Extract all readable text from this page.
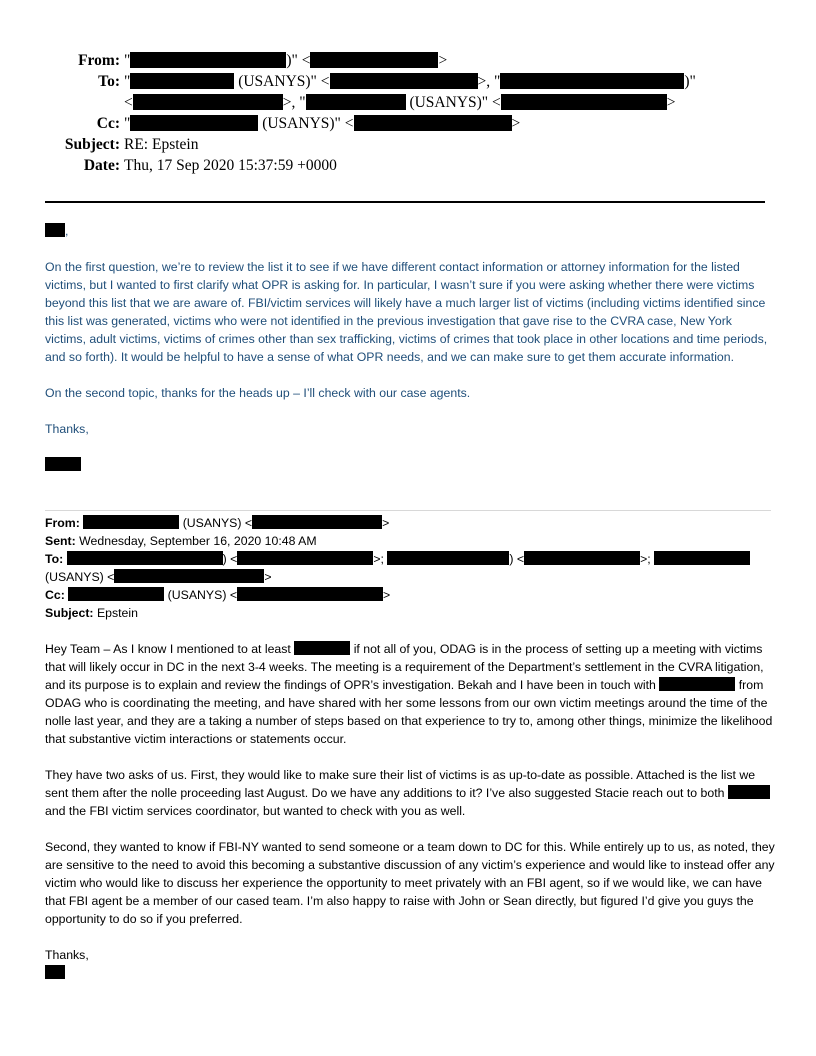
From: "	)" <	>
To: "	(USANYS)" <	>, "	)"
<	>, "	(USANYS)" <	>
Cc: "	(USANYS)" <	>
Subject: RE: Epstein
Date: Thu, 17 Sep 2020 15:37:59 +0000

,

On the first question, we’re to review the list it to see if we have different contact information or attorney information for the listed victims, but I wanted to first clarify what OPR is asking for. In particular, I wasn’t sure if you were asking whether there were victims beyond this list that we are aware of. FBI/victim services will likely have a much larger list of victims (including victims identified since this list was generated, victims who were not identified in the previous investigation that gave rise to the CVRA case, New York victims, adult victims, victims of crimes other than sex trafficking, victims of crimes that took place in other locations and time periods, and so forth). It would be helpful to have a sense of what OPR needs, and we can make sure to get them accurate information.

On the second topic, thanks for the heads up – I’ll check with our case agents.

Thanks,

From:	(USANYS) <	>
Sent: Wednesday, September 16, 2020 10:48 AM
To:	) <	>;	) <	>;
(USANYS) <	>
Cc:	(USANYS) <	>
Subject: Epstein

Hey Team – As I know I mentioned to at least	if not all of you, ODAG is in the process of setting up a meeting with victims that will likely occur in DC in the next 3-4 weeks. The meeting is a requirement of the Department’s settlement in the CVRA litigation, and its purpose is to explain and review the findings of OPR’s investigation. Bekah and I have been in touch with	from ODAG who is coordinating the meeting, and have shared with her some lessons from our own victim meetings around the time of the nolle last year, and they are a taking a number of steps based on that experience to try to, among other things, minimize the likelihood that substantive victim interactions or statements occur.

They have two asks of us. First, they would like to make sure their list of victims is as up-to-date as possible. Attached is the list we sent them after the nolle proceeding last August. Do we have any additions to it? I’ve also suggested Stacie reach out to both  and the FBI victim services coordinator, but wanted to check with you as well.

Second, they wanted to know if FBI-NY wanted to send someone or a team down to DC for this. While entirely up to us, as noted, they are sensitive to the need to avoid this becoming a substantive discussion of any victim’s experience and would like to instead offer any victim who would like to discuss her experience the opportunity to meet privately with an FBI agent, so if we would like, we can have that FBI agent be a member of our cased team. I’m also happy to raise with John or Sean directly, but figured I’d give you guys the opportunity to do so if you preferred.

Thanks,
